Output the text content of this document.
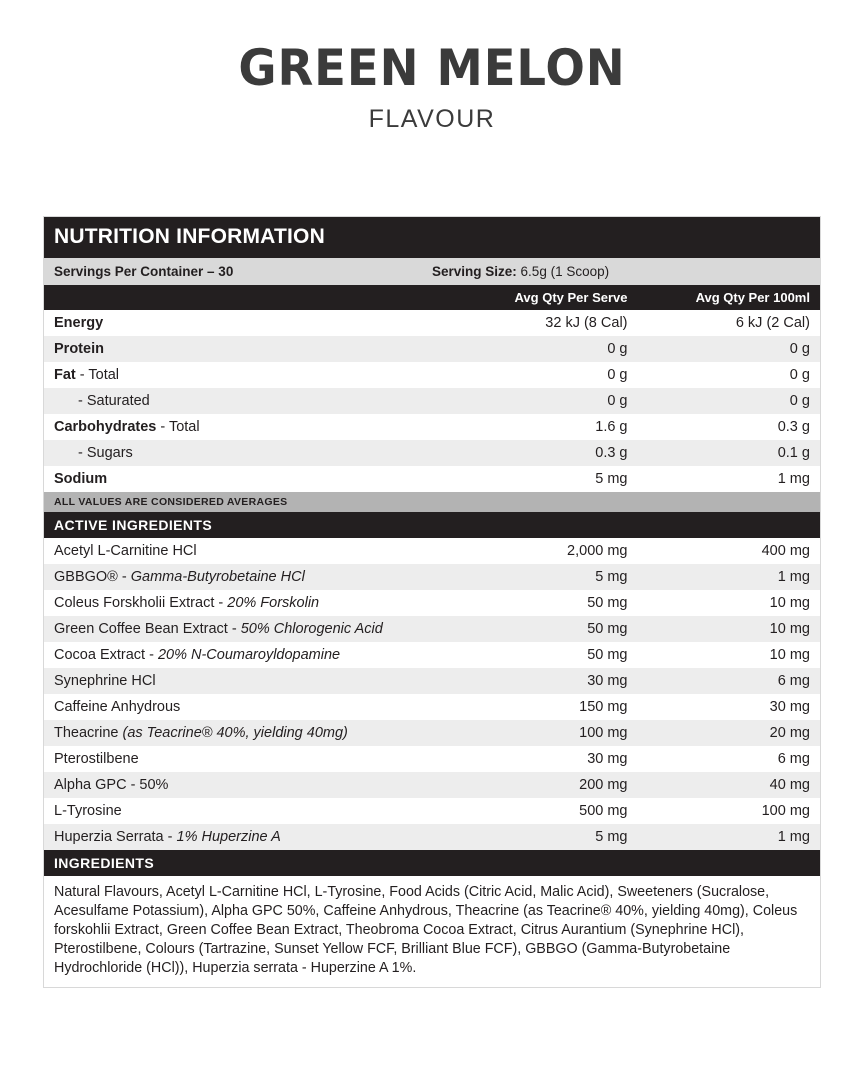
GREEN MELON
FLAVOUR
NUTRITION INFORMATION
Servings Per Container – 30	Serving Size: 6.5g (1 Scoop)
Avg Qty Per Serve	Avg Qty Per 100ml
Energy	32 kJ (8 Cal)	6 kJ (2 Cal)
Protein	0 g	0 g
Fat - Total	0 g	0 g
- Saturated	0 g	0 g
Carbohydrates - Total	1.6 g	0.3 g
- Sugars	0.3 g	0.1 g
Sodium	5 mg	1 mg
ALL VALUES ARE CONSIDERED AVERAGES
ACTIVE INGREDIENTS
Acetyl L-Carnitine HCl	2,000 mg	400 mg
GBBGO® - Gamma-Butyrobetaine HCl	5 mg	1 mg
Coleus Forskholii Extract - 20% Forskolin	50 mg	10 mg
Green Coffee Bean Extract - 50% Chlorogenic Acid	50 mg	10 mg
Cocoa Extract - 20% N-Coumaroyldopamine	50 mg	10 mg
Synephrine HCl	30 mg	6 mg
Caffeine Anhydrous	150 mg	30 mg
Theacrine (as Teacrine® 40%, yielding 40mg)	100 mg	20 mg
Pterostilbene	30 mg	6 mg
Alpha GPC - 50%	200 mg	40 mg
L-Tyrosine	500 mg	100 mg
Huperzia Serrata - 1% Huperzine A	5 mg	1 mg
INGREDIENTS
Natural Flavours, Acetyl L-Carnitine HCl, L-Tyrosine, Food Acids (Citric Acid, Malic Acid), Sweeteners (Sucralose, Acesulfame Potassium), Alpha GPC 50%, Caffeine Anhydrous, Theacrine (as Teacrine® 40%, yielding 40mg), Coleus forskohlii Extract, Green Coffee Bean Extract, Theobroma Cocoa Extract, Citrus Aurantium (Synephrine HCl), Pterostilbene, Colours (Tartrazine, Sunset Yellow FCF, Brilliant Blue FCF), GBBGO (Gamma-Butyrobetaine Hydrochloride (HCl)), Huperzia serrata - Huperzine A 1%.
